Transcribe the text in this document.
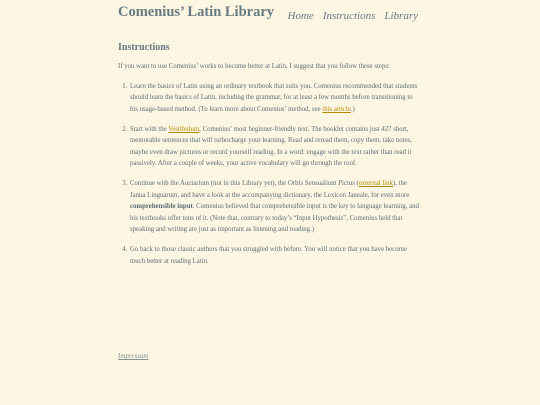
Comenius’ Latin Library	Home Instructions Library
Instructions

If you want to use Comenius’ works to become better at Latin, I suggest that you follow these steps:

1. Learn the basics of Latin using an ordinary textbook that suits you. Comenius recommended that students should learn the basics of Latin, including the grammar, for at least a few months before transitioning to his usage-based method. (To learn more about Comenius’ method, see this article.)
2. Start with the Vestibulum, Comenius’ most beginner-friendly text. The booklet contains just 427 short, memorable sentences that will turbocharge your learning. Read and reread them, copy them, take notes, maybe even draw pictures or record yourself reading. In a word: engage with the text rather than read it passively. After a couple of weeks, your active vocabulary will go through the roof.
3. Continue with the Auctarium (not in this Library yet), the Orbis Sensualium Pictus (external link), the Janua Linguarum, and have a look at the accompanying dictionary, the Lexicon Janeale, for even more comprehensible input. Comenius believed that comprehensible input is the key to language learning, and his textbooks offer tons of it. (Note that, contrary to today’s “Input Hypothesis”, Comenius held that speaking and writing are just as important as listening and reading.)
4. Go back to those classic authors that you struggled with before. You will notice that you have become much better at reading Latin.
Impressum
